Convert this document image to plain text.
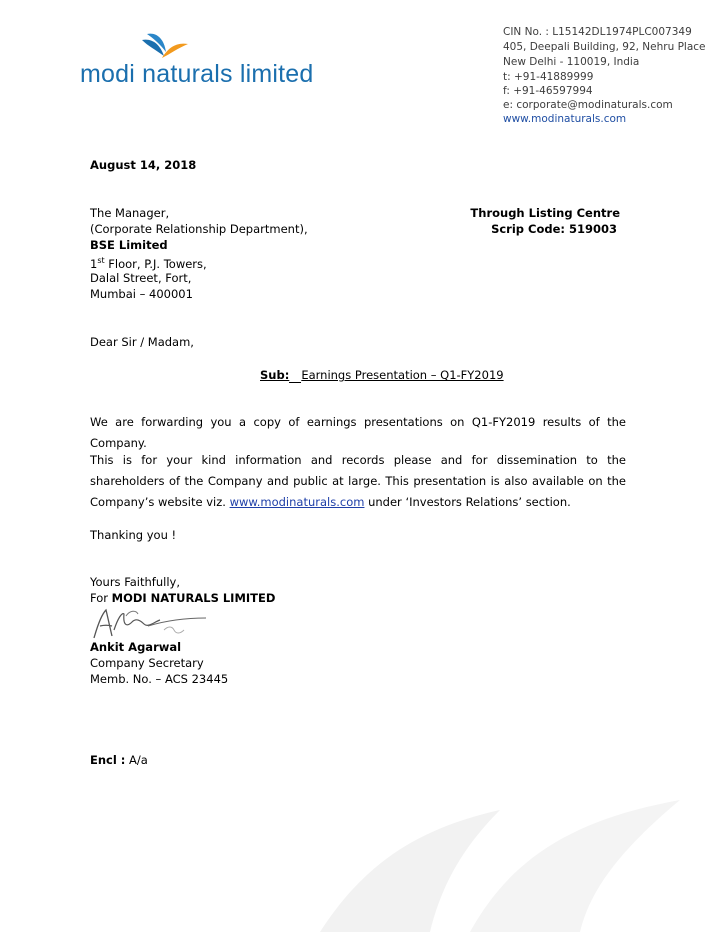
modi naturals limited
CIN No. : L15142DL1974PLC007349
405, Deepali Building, 92, Nehru Place
New Delhi - 110019, India
t: +91-41889999
f: +91-46597994
e: corporate@modinaturals.com
www.modinaturals.com
August 14, 2018
The Manager,
(Corporate Relationship Department),
BSE Limited
1st Floor, P.J. Towers,
Dalal Street, Fort,
Mumbai – 400001
Through Listing Centre
Scrip Code: 519003
Dear Sir / Madam,
Sub: Earnings Presentation – Q1-FY2019
We are forwarding you a copy of earnings presentations on Q1-FY2019 results of the Company.
This is for your kind information and records please and for dissemination to the shareholders of the Company and public at large. This presentation is also available on the Company’s website viz. www.modinaturals.com under ‘Investors Relations’ section.
Thanking you !
Yours Faithfully,
For MODI NATURALS LIMITED
Ankit Agarwal
Company Secretary
Memb. No. – ACS 23445
Encl : A/a
